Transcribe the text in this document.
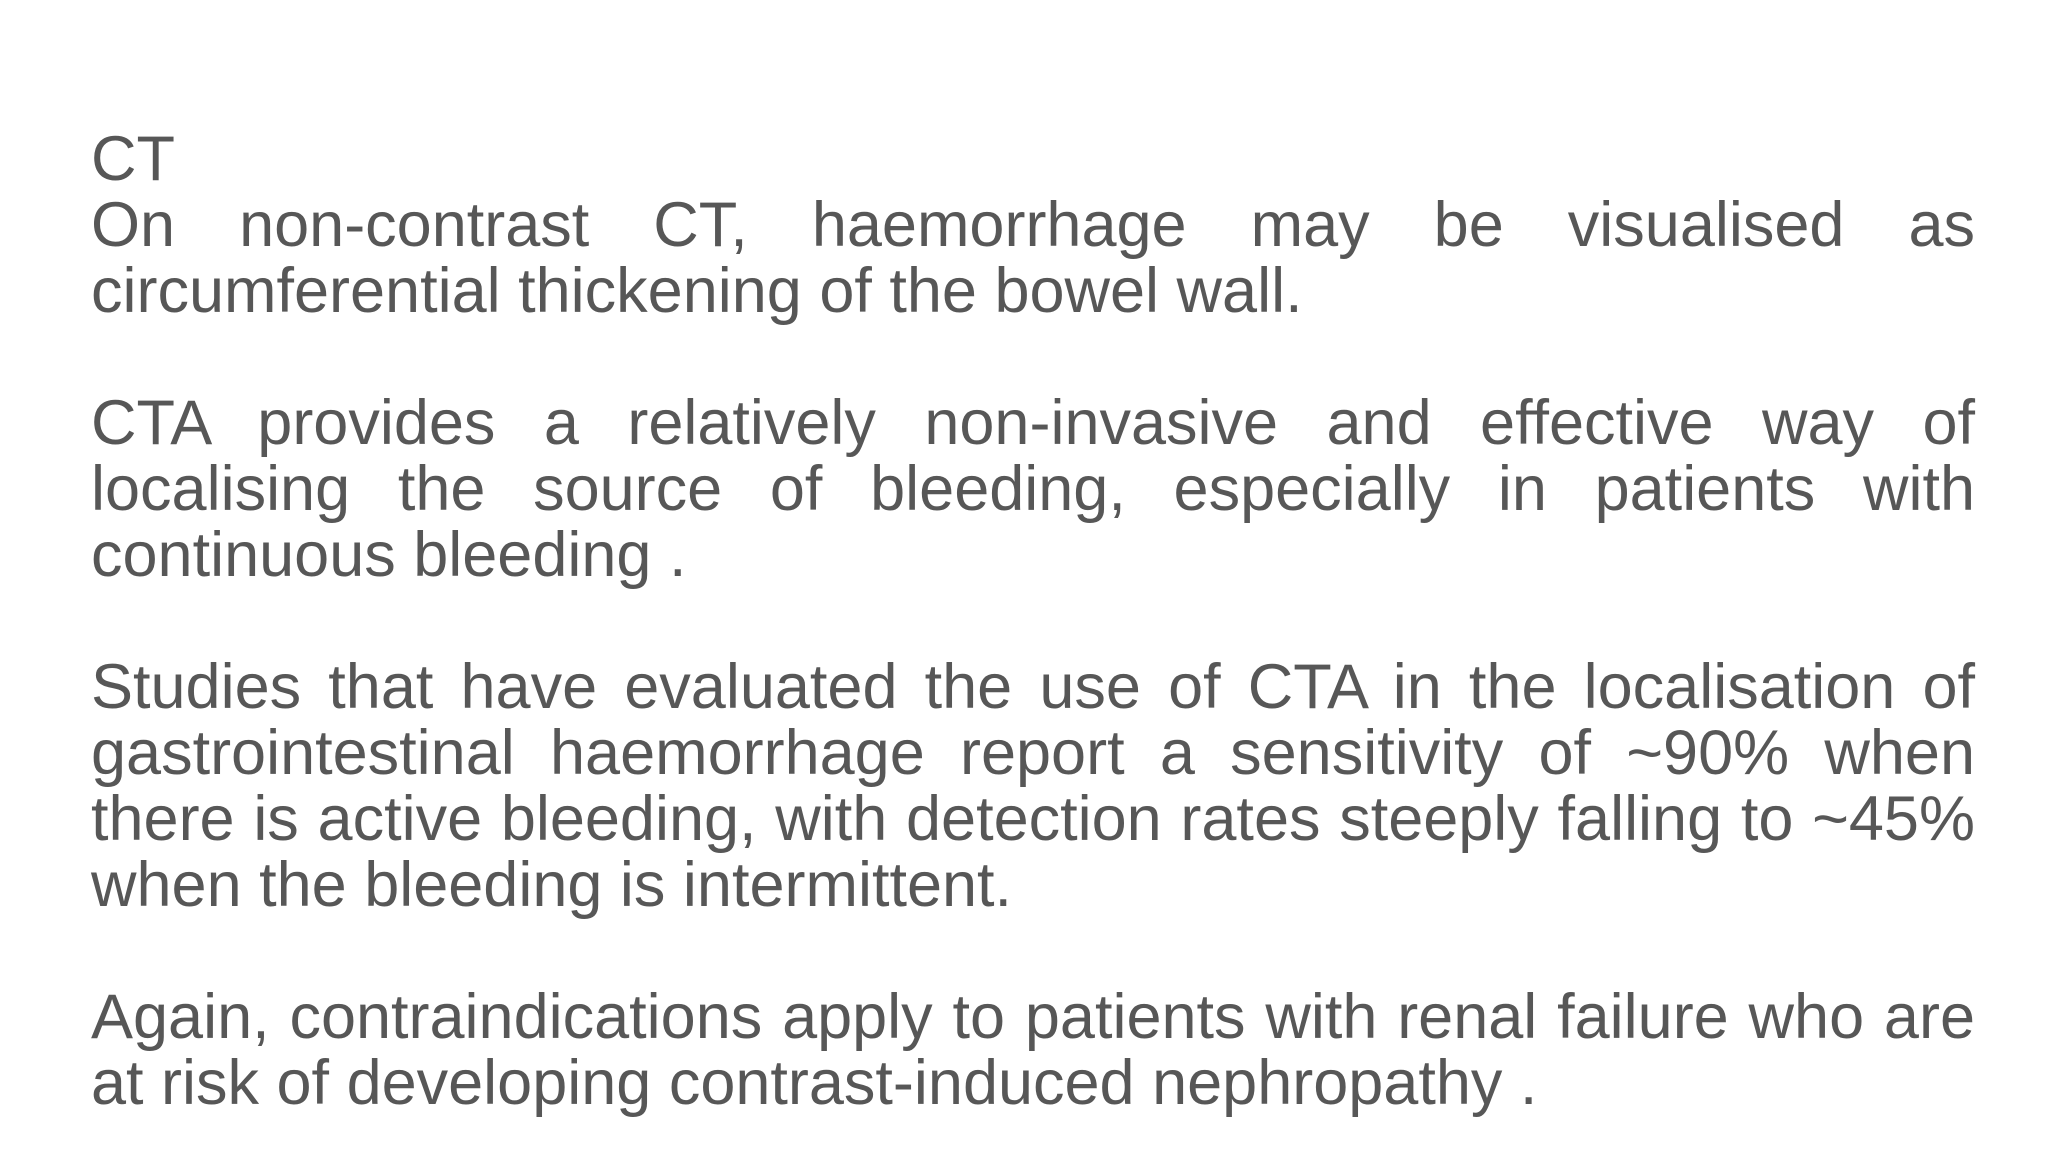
CT

On non-contrast CT, haemorrhage may be visualised as circumferential thickening of the bowel wall.

CTA provides a relatively non-invasive and effective way of localising the source of bleeding, especially in patients with continuous bleeding .

Studies that have evaluated the use of CTA in the localisation of gastrointestinal haemorrhage report a sensitivity of ~90% when there is active bleeding, with detection rates steeply falling to ~45% when the bleeding is intermittent.

Again, contraindications apply to patients with renal failure who are at risk of developing contrast-induced nephropathy .
